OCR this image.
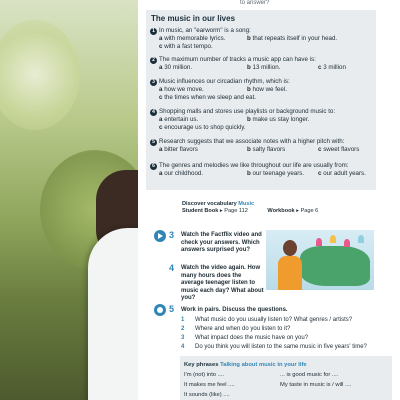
to answer?
The music in our lives
1 In music, an "earworm" is a song:
a with memorable lyrics.	b that repeats itself in your head.
c with a fast tempo.
2 The maximum number of tracks a music app can have is:
a 30 million.	b 13 million.	c 3 million
3 Music influences our circadian rhythm, which is:
a how we move.	b how we feel.
c the times when we sleep and eat.
4 Shopping malls and stores use playlists or background music to:
a entertain us.	b make us stay longer.
c encourage us to shop quickly.
5 Research suggests that we associate notes with a higher pitch with:
a bitter flavors	b salty flavors	c sweet flavors
6 The genres and melodies we like throughout our life are usually from:
a our childhood.	b our teenage years. c our adult years.
Discover vocabulary Music
Student Book ▸ Page 112	Workbook ▸ Page 6
3 Watch the Factflix video and check your answers. Which answers surprised you?
4 Watch the video again. How many hours does the average teenager listen to music each day? What about you?
5 Work in pairs. Discuss the questions.
1 What music do you usually listen to? What genres / artists?
2 Where and when do you listen to it?
3 What impact does the music have on you?
4 Do you think you will listen to the same music in five years' time?
Key phrases Talking about music in your life
I'm (not) into ....	... is good music for ....
It makes me feel ....	My taste in music is / will ....
It sounds (like) ....
